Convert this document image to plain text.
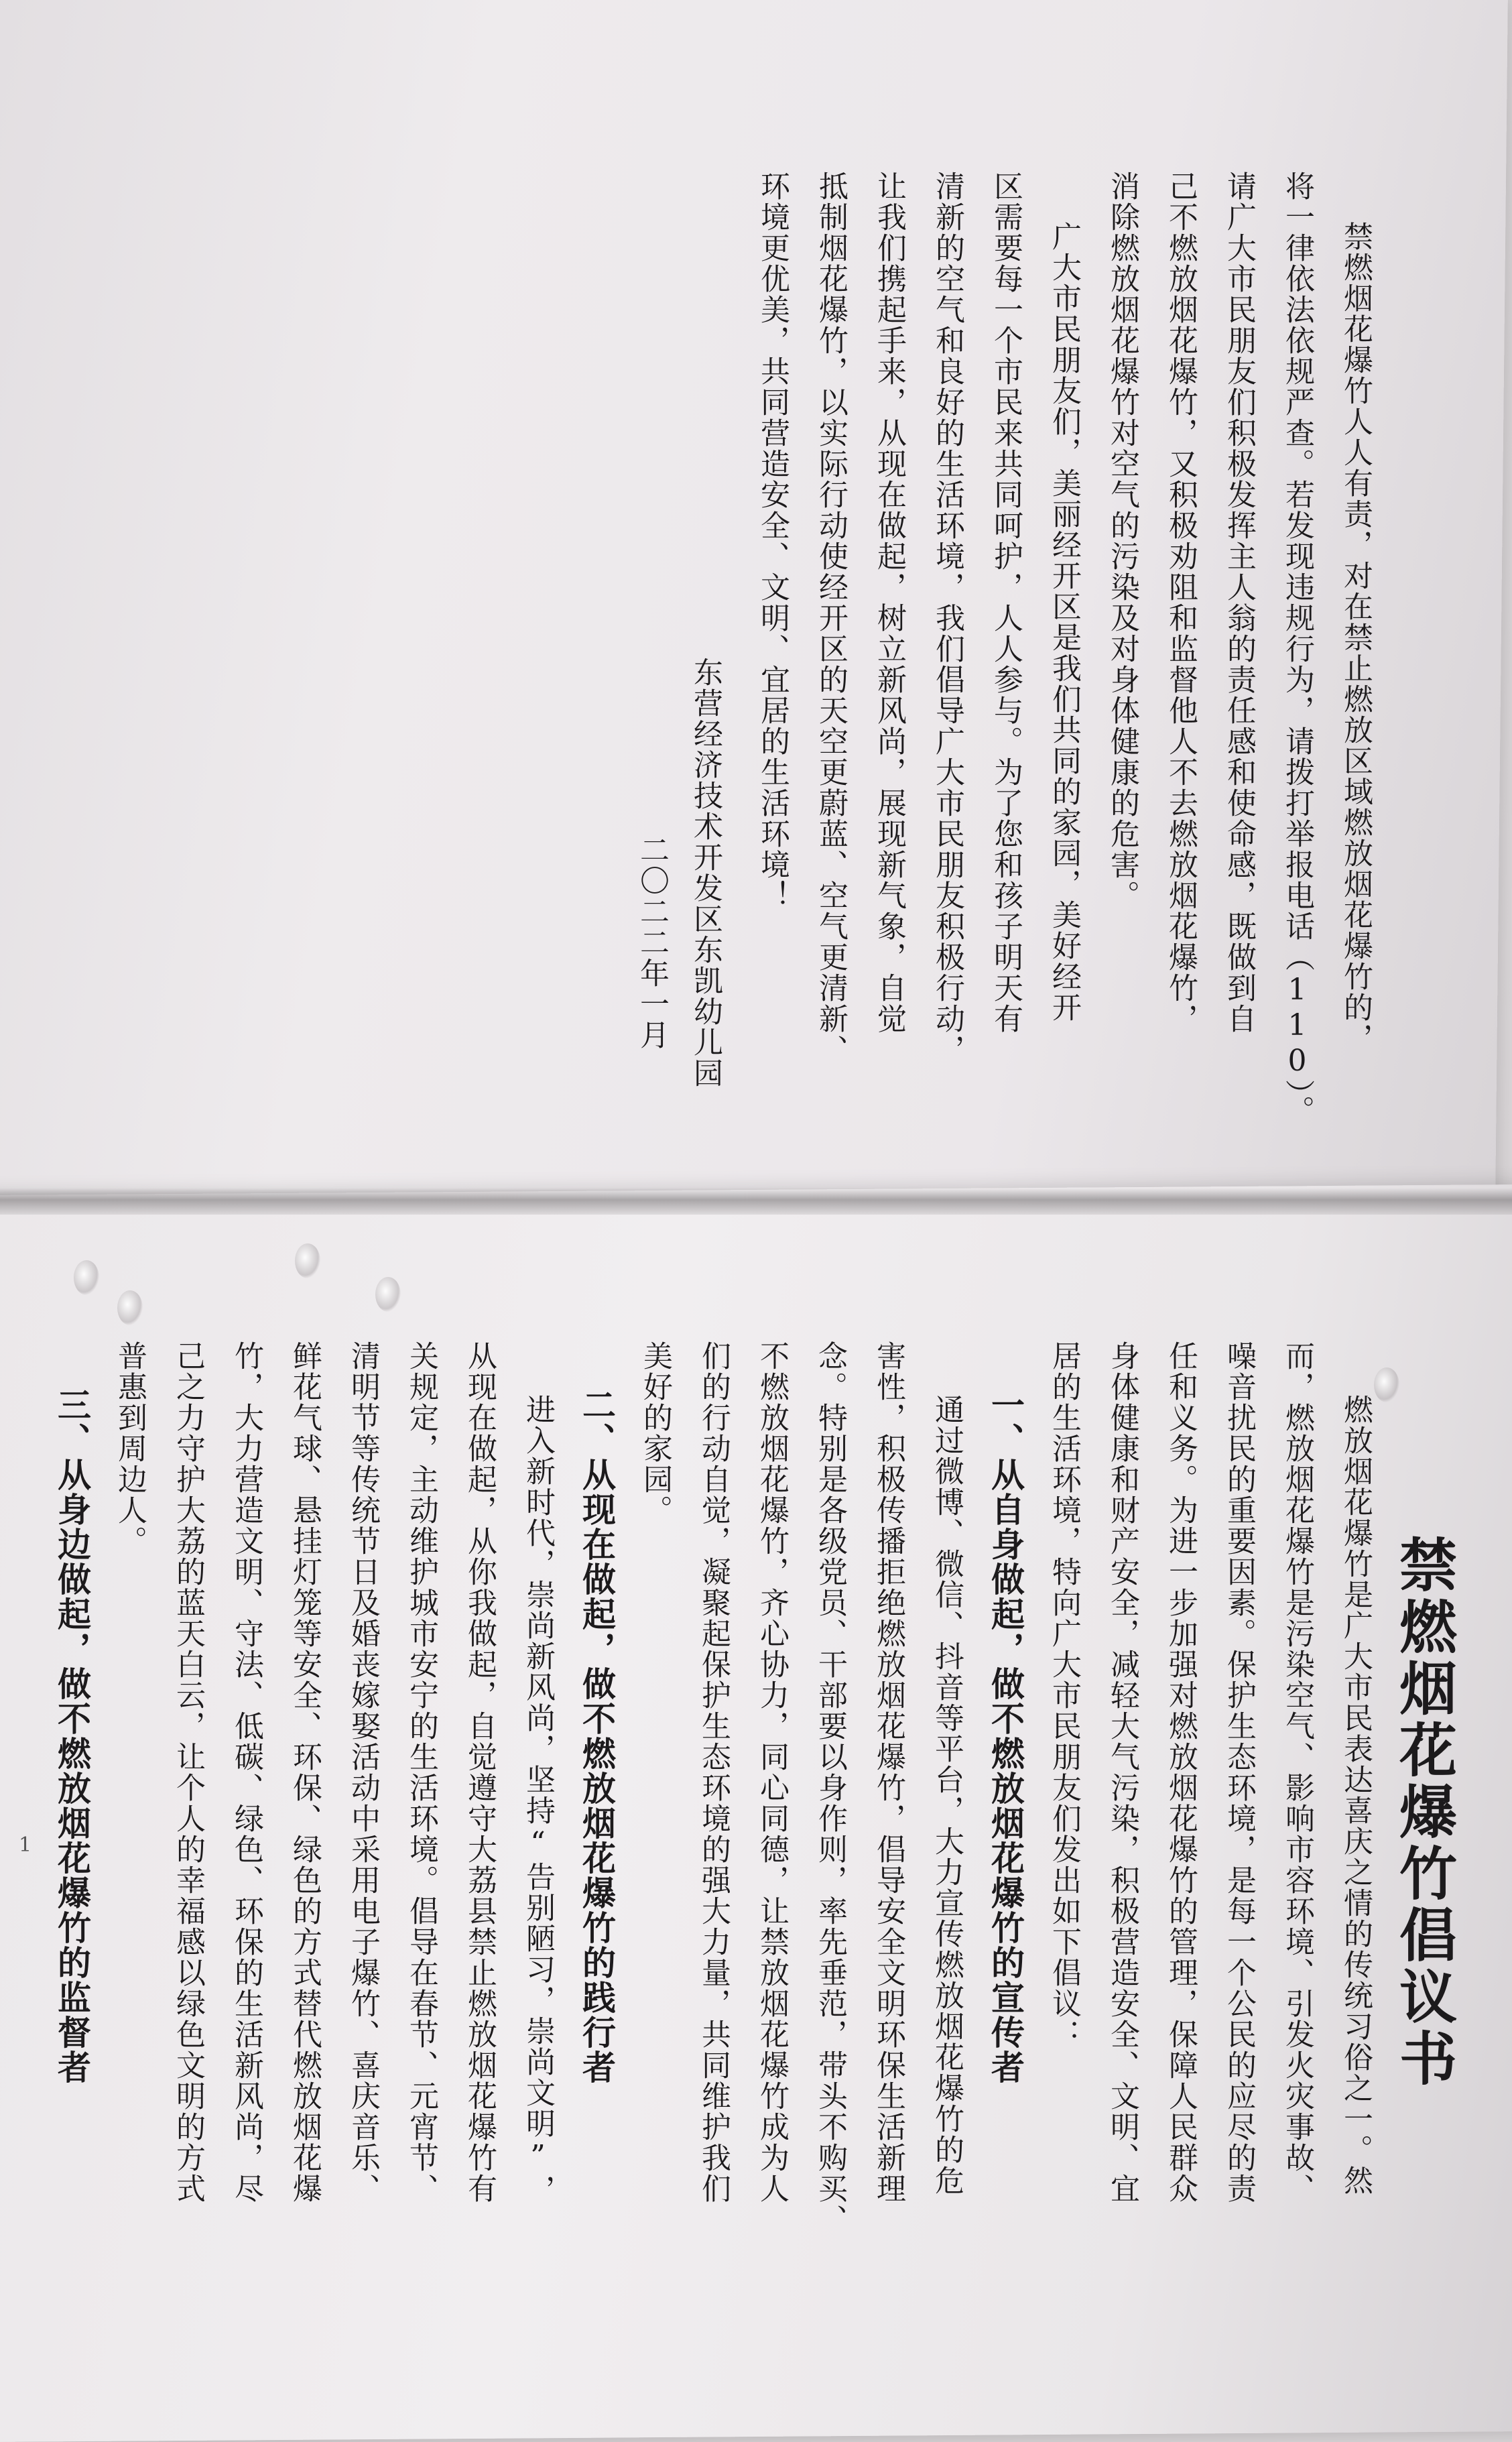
禁燃烟花爆竹人人有责，对在禁止燃放区域燃放烟花爆竹的，
将一律依法依规严查。若发现违规行为，请拨打举报电话（110）。
请广大市民朋友们积极发挥主人翁的责任感和使命感，既做到自
己不燃放烟花爆竹，又积极劝阻和监督他人不去燃放烟花爆竹，
消除燃放烟花爆竹对空气的污染及对身体健康的危害。
广大市民朋友们，美丽经开区是我们共同的家园，美好经开
区需要每一个市民来共同呵护，人人参与。为了您和孩子明天有
清新的空气和良好的生活环境，我们倡导广大市民朋友积极行动，
让我们携起手来，从现在做起，树立新风尚，展现新气象，自觉
抵制烟花爆竹，以实际行动使经开区的天空更蔚蓝、空气更清新、
环境更优美，共同营造安全、文明、宜居的生活环境！
东营经济技术开发区东凯幼儿园
二〇二二年一月
禁燃烟花爆竹倡议书
燃放烟花爆竹是广大市民表达喜庆之情的传统习俗之一。然
而，燃放烟花爆竹是污染空气、影响市容环境、引发火灾事故、
噪音扰民的重要因素。保护生态环境，是每一个公民的应尽的责
任和义务。为进一步加强对燃放烟花爆竹的管理，保障人民群众
身体健康和财产安全，减轻大气污染，积极营造安全、文明、宜
居的生活环境，特向广大市民朋友们发出如下倡议：
一、从自身做起，做不燃放烟花爆竹的宣传者
通过微博、微信、抖音等平台，大力宣传燃放烟花爆竹的危
害性，积极传播拒绝燃放烟花爆竹，倡导安全文明环保生活新理
念。特别是各级党员、干部要以身作则，率先垂范，带头不购买、
不燃放烟花爆竹，齐心协力，同心同德，让禁放烟花爆竹成为人
们的行动自觉，凝聚起保护生态环境的强大力量，共同维护我们
美好的家园。
二、从现在做起，做不燃放烟花爆竹的践行者
进入新时代，崇尚新风尚，坚持“告别陋习，崇尚文明”，
从现在做起，从你我做起，自觉遵守大荔县禁止燃放烟花爆竹有
关规定，主动维护城市安宁的生活环境。倡导在春节、元宵节、
清明节等传统节日及婚丧嫁娶活动中采用电子爆竹、喜庆音乐、
鲜花气球、悬挂灯笼等安全、环保、绿色的方式替代燃放烟花爆
竹，大力营造文明、守法、低碳、绿色、环保的生活新风尚，尽
己之力守护大荔的蓝天白云，让个人的幸福感以绿色文明的方式
普惠到周边人。
三、从身边做起，做不燃放烟花爆竹的监督者
1
